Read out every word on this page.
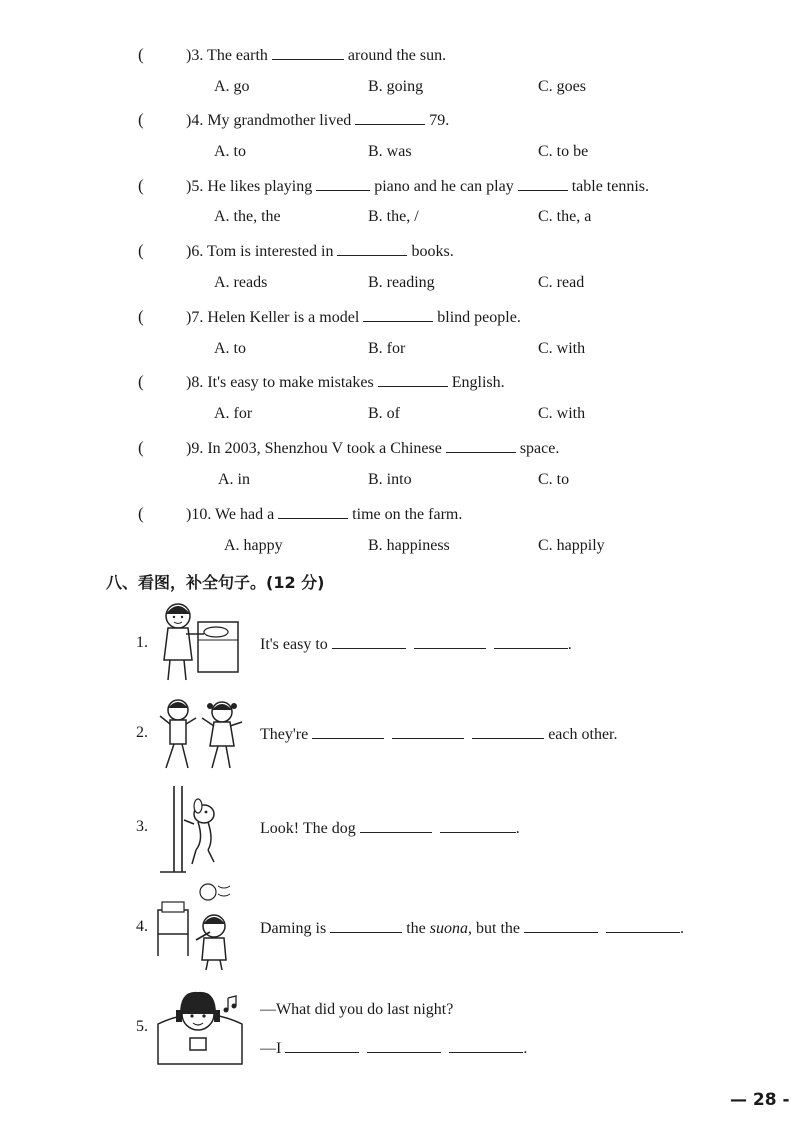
(	)3. The earth	around the sun.
A. go	B. going	C. goes
(	)4. My grandmother lived	79.
A. to	B. was	C. to be
(	)5. He likes playing	piano and he can play	table tennis.
A. the, the	B. the, /	C. the, a
(	)6. Tom is interested in	books.
A. reads	B. reading	C. read
(	)7. Helen Keller is a model	blind people.
A. to	B. for	C. with
(	)8. It's easy to make mistakes	English.
A. for	B. of	C. with
(	)9. In 2003, Shenzhou V took a Chinese	space.
A. in	B. into	C. to
(	)10. We had a	time on the farm.
A. happy	B. happiness	C. happily
八、看图，补全句子。(12 分)
1.	It's easy to	.
2.	They're	each other.
3.	Look! The dog	.
4.	Daming is	the suona, but the	.
5.
—What did you do last night?
—I	.
— 28 -
